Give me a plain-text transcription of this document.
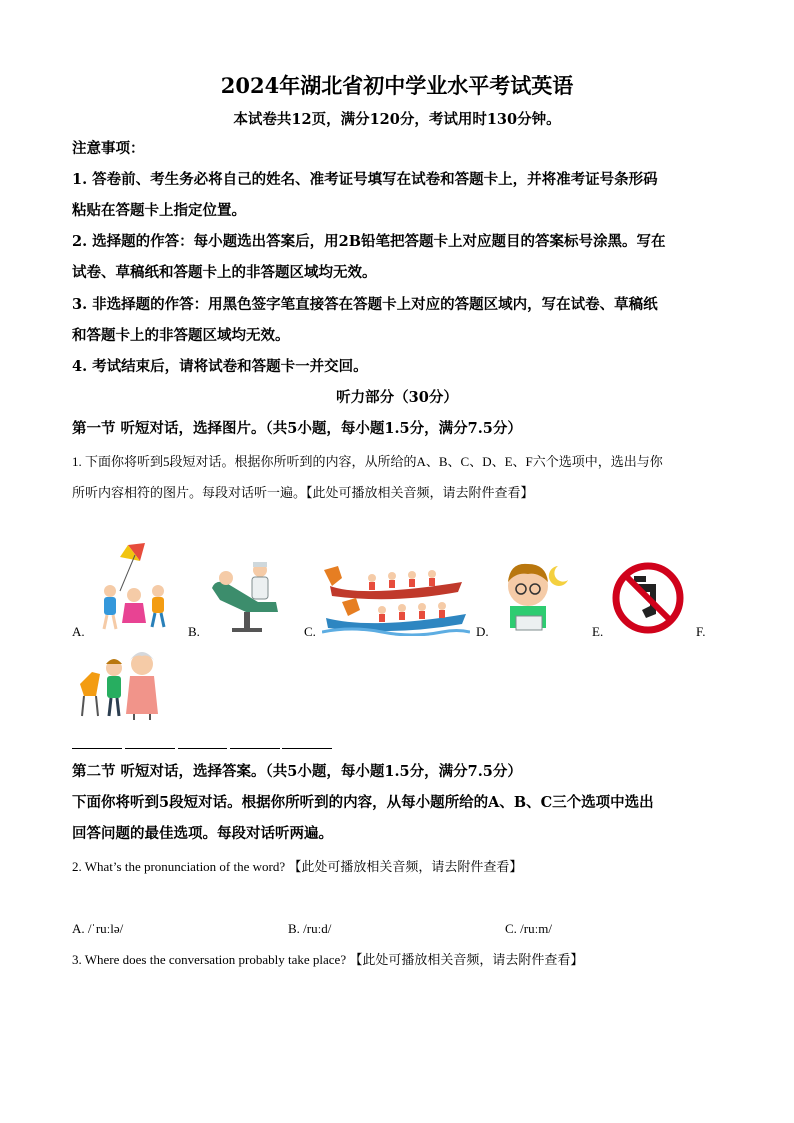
2024年湖北省初中学业水平考试英语
本试卷共12页，满分120分，考试用时130分钟。
注意事项：
1. 答卷前、考生务必将自己的姓名、准考证号填写在试卷和答题卡上，并将准考证号条形码
粘贴在答题卡上指定位置。
2. 选择题的作答：每小题选出答案后，用2B铅笔把答题卡上对应题目的答案标号涂黑。写在
试卷、草稿纸和答题卡上的非答题区域均无效。
3. 非选择题的作答：用黑色签字笔直接答在答题卡上对应的答题区域内，写在试卷、草稿纸
和答题卡上的非答题区域均无效。
4. 考试结束后，请将试卷和答题卡一并交回。
听力部分（30分）
第一节 听短对话，选择图片。（共5小题，每小题1.5分，满分7.5分）
1. 下面你将听到5段短对话。根据你所听到的内容，从所给的A、B、C、D、E、F六个选项中，选出与你
所听内容相符的图片。每段对话听一遍。【此处可播放相关音频，请去附件查看】
A.	B.	C.	D.	E.	F.
第二节 听短对话，选择答案。（共5小题，每小题1.5分，满分7.5分）
下面你将听到5段短对话。根据你所听到的内容，从每小题所给的A、B、C三个选项中选出
回答问题的最佳选项。每段对话听两遍。
2. What’s the pronunciation of the word? 【此处可播放相关音频，请去附件查看】
A. /ˈruːlə/	B. /ruːd/	C. /ruːm/
3. Where does the conversation probably take place? 【此处可播放相关音频，请去附件查看】
